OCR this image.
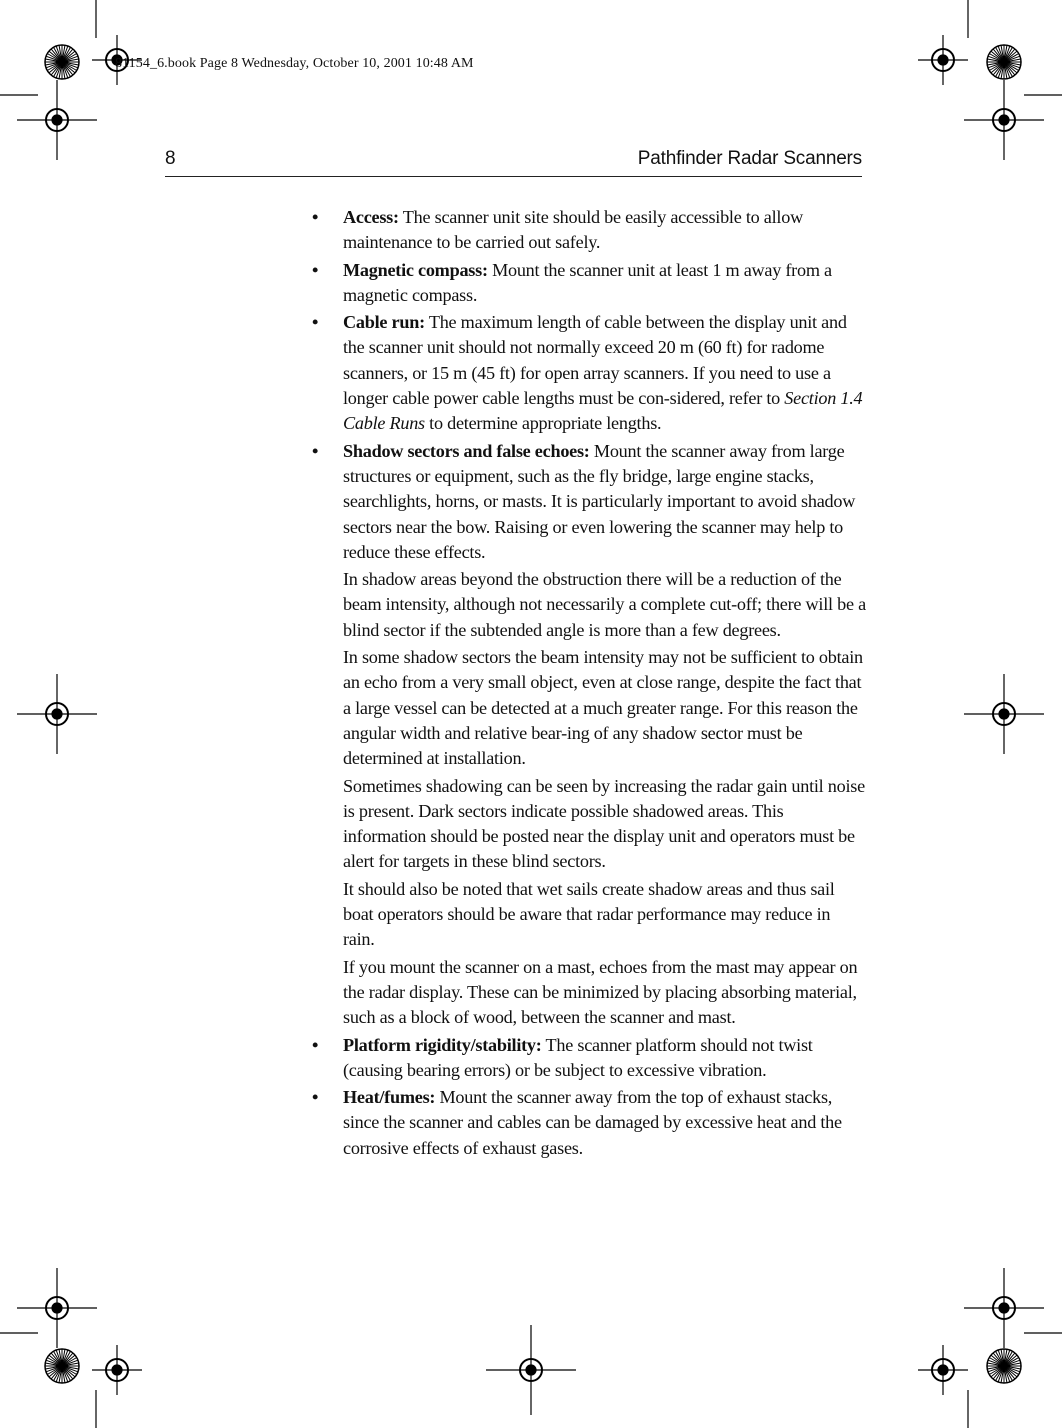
81154_6.book Page 8 Wednesday, October 10, 2001 10:48 AM
8	Pathfinder Radar Scanners
• Access: The scanner unit site should be easily accessible to allow maintenance to be carried out safely.
• Magnetic compass: Mount the scanner unit at least 1 m away from a magnetic compass.
• Cable run: The maximum length of cable between the display unit and the scanner unit should not normally exceed 20 m (60 ft) for radome scanners, or 15 m (45 ft) for open array scanners. If you need to use a longer cable power cable lengths must be con-sidered, refer to Section 1.4 Cable Runs to determine appropriate lengths.
• Shadow sectors and false echoes: Mount the scanner away from large structures or equipment, such as the fly bridge, large engine stacks, searchlights, horns, or masts. It is particularly important to avoid shadow sectors near the bow. Raising or even lowering the scanner may help to reduce these effects.
In shadow areas beyond the obstruction there will be a reduction of the beam intensity, although not necessarily a complete cut-off; there will be a blind sector if the subtended angle is more than a few degrees.
In some shadow sectors the beam intensity may not be sufficient to obtain an echo from a very small object, even at close range, despite the fact that a large vessel can be detected at a much greater range. For this reason the angular width and relative bear-ing of any shadow sector must be determined at installation.
Sometimes shadowing can be seen by increasing the radar gain until noise is present. Dark sectors indicate possible shadowed areas. This information should be posted near the display unit and operators must be alert for targets in these blind sectors.
It should also be noted that wet sails create shadow areas and thus sail boat operators should be aware that radar performance may reduce in rain.
If you mount the scanner on a mast, echoes from the mast may appear on the radar display. These can be minimized by placing absorbing material, such as a block of wood, between the scanner and mast.
• Platform rigidity/stability: The scanner platform should not twist (causing bearing errors) or be subject to excessive vibration.
• Heat/fumes: Mount the scanner away from the top of exhaust stacks, since the scanner and cables can be damaged by excessive heat and the corrosive effects of exhaust gases.
